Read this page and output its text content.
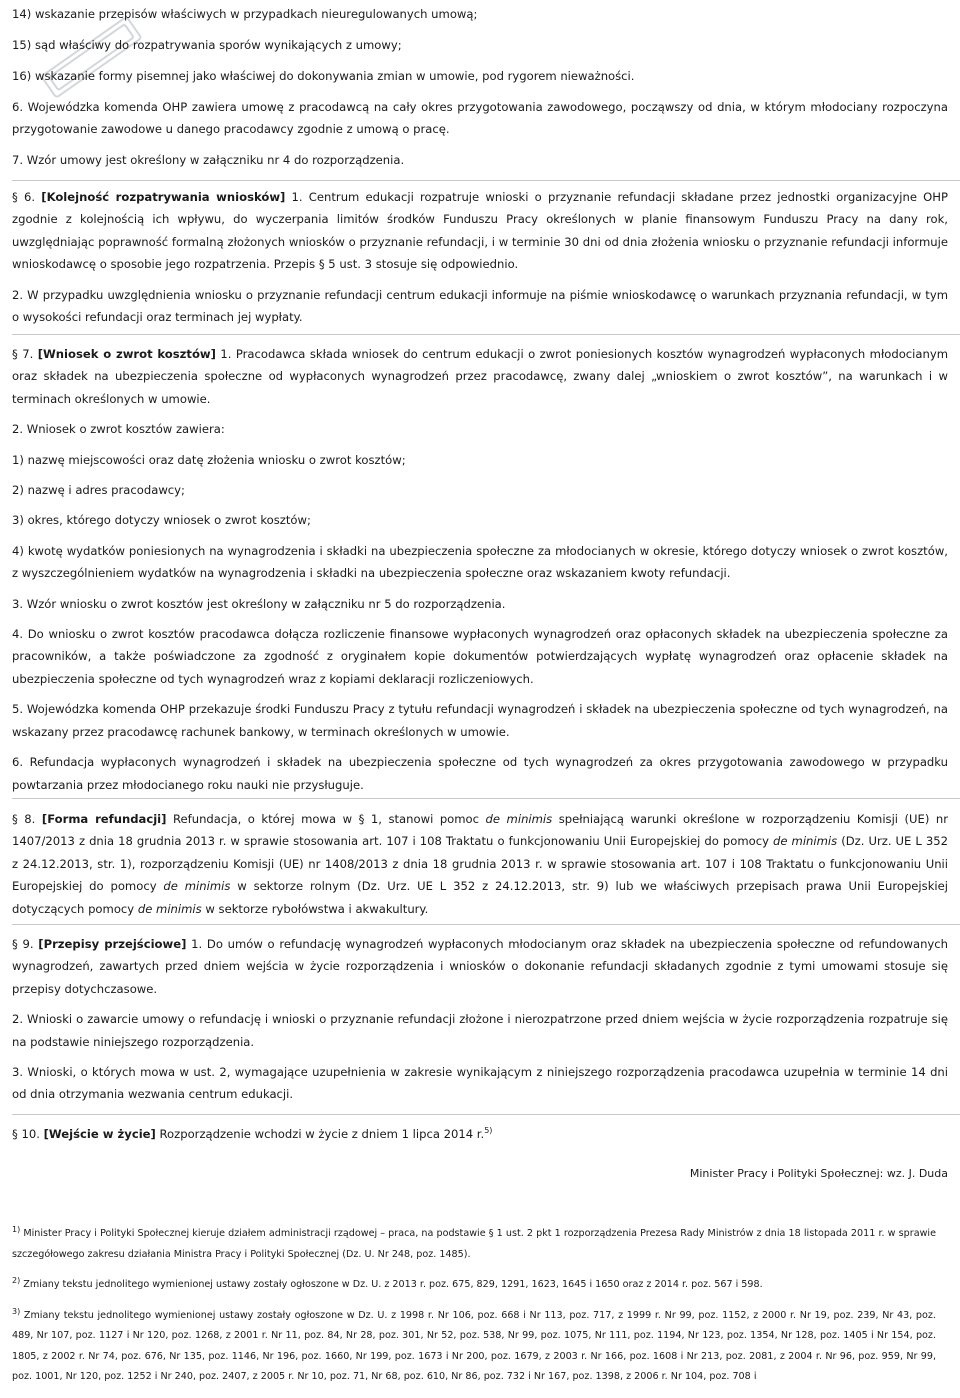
14) wskazanie przepisów właściwych w przypadkach nieuregulowanych umową;

15) sąd właściwy do rozpatrywania sporów wynikających z umowy;

16) wskazanie formy pisemnej jako właściwej do dokonywania zmian w umowie, pod rygorem nieważności.

6. Wojewódzka komenda OHP zawiera umowę z pracodawcą na cały okres przygotowania zawodowego, począwszy od dnia, w którym młodociany rozpoczyna przygotowanie zawodowe u danego pracodawcy zgodnie z umową o pracę.

7. Wzór umowy jest określony w załączniku nr 4 do rozporządzenia.

§ 6. [Kolejność rozpatrywania wniosków] 1. Centrum edukacji rozpatruje wnioski o przyznanie refundacji składane przez jednostki organizacyjne OHP zgodnie z kolejnością ich wpływu, do wyczerpania limitów środków Funduszu Pracy określonych w planie finansowym Funduszu Pracy na dany rok, uwzględniając poprawność formalną złożonych wniosków o przyznanie refundacji, i w terminie 30 dni od dnia złożenia wniosku o przyznanie refundacji informuje wnioskodawcę o sposobie jego rozpatrzenia. Przepis § 5 ust. 3 stosuje się odpowiednio.

2. W przypadku uwzględnienia wniosku o przyznanie refundacji centrum edukacji informuje na piśmie wnioskodawcę o warunkach przyznania refundacji, w tym o wysokości refundacji oraz terminach jej wypłaty.

§ 7. [Wniosek o zwrot kosztów] 1. Pracodawca składa wniosek do centrum edukacji o zwrot poniesionych kosztów wynagrodzeń wypłaconych młodocianym oraz składek na ubezpieczenia społeczne od wypłaconych wynagrodzeń przez pracodawcę, zwany dalej „wnioskiem o zwrot kosztów”, na warunkach i w terminach określonych w umowie.

2. Wniosek o zwrot kosztów zawiera:

1) nazwę miejscowości oraz datę złożenia wniosku o zwrot kosztów;

2) nazwę i adres pracodawcy;

3) okres, którego dotyczy wniosek o zwrot kosztów;

4) kwotę wydatków poniesionych na wynagrodzenia i składki na ubezpieczenia społeczne za młodocianych w okresie, którego dotyczy wniosek o zwrot kosztów, z wyszczególnieniem wydatków na wynagrodzenia i składki na ubezpieczenia społeczne oraz wskazaniem kwoty refundacji.

3. Wzór wniosku o zwrot kosztów jest określony w załączniku nr 5 do rozporządzenia.

4. Do wniosku o zwrot kosztów pracodawca dołącza rozliczenie finansowe wypłaconych wynagrodzeń oraz opłaconych składek na ubezpieczenia społeczne za pracowników, a także poświadczone za zgodność z oryginałem kopie dokumentów potwierdzających wypłatę wynagrodzeń oraz opłacenie składek na ubezpieczenia społeczne od tych wynagrodzeń wraz z kopiami deklaracji rozliczeniowych.

5. Wojewódzka komenda OHP przekazuje środki Funduszu Pracy z tytułu refundacji wynagrodzeń i składek na ubezpieczenia społeczne od tych wynagrodzeń, na wskazany przez pracodawcę rachunek bankowy, w terminach określonych w umowie.

6. Refundacja wypłaconych wynagrodzeń i składek na ubezpieczenia społeczne od tych wynagrodzeń za okres przygotowania zawodowego w przypadku powtarzania przez młodocianego roku nauki nie przysługuje.

§ 8. [Forma refundacji] Refundacja, o której mowa w § 1, stanowi pomoc de minimis spełniającą warunki określone w rozporządzeniu Komisji (UE) nr 1407/2013 z dnia 18 grudnia 2013 r. w sprawie stosowania art. 107 i 108 Traktatu o funkcjonowaniu Unii Europejskiej do pomocy de minimis (Dz. Urz. UE L 352 z 24.12.2013, str. 1), rozporządzeniu Komisji (UE) nr 1408/2013 z dnia 18 grudnia 2013 r. w sprawie stosowania art. 107 i 108 Traktatu o funkcjonowaniu Unii Europejskiej do pomocy de minimis w sektorze rolnym (Dz. Urz. UE L 352 z 24.12.2013, str. 9) lub we właściwych przepisach prawa Unii Europejskiej dotyczących pomocy de minimis w sektorze rybołówstwa i akwakultury.

§ 9. [Przepisy przejściowe] 1. Do umów o refundację wynagrodzeń wypłaconych młodocianym oraz składek na ubezpieczenia społeczne od refundowanych wynagrodzeń, zawartych przed dniem wejścia w życie rozporządzenia i wniosków o dokonanie refundacji składanych zgodnie z tymi umowami stosuje się przepisy dotychczasowe.

2. Wnioski o zawarcie umowy o refundację i wnioski o przyznanie refundacji złożone i nierozpatrzone przed dniem wejścia w życie rozporządzenia rozpatruje się na podstawie niniejszego rozporządzenia.

3. Wnioski, o których mowa w ust. 2, wymagające uzupełnienia w zakresie wynikającym z niniejszego rozporządzenia pracodawca uzupełnia w terminie 14 dni od dnia otrzymania wezwania centrum edukacji.

§ 10. [Wejście w życie] Rozporządzenie wchodzi w życie z dniem 1 lipca 2014 r.$^{5)}$

Minister Pracy i Polityki Społecznej: wz. J. Duda

$^{1)}$ Minister Pracy i Polityki Społecznej kieruje działem administracji rządowej – praca, na podstawie § 1 ust. 2 pkt 1 rozporządzenia Prezesa Rady Ministrów z dnia 18 listopada 2011 r. w sprawie szczegółowego zakresu działania Ministra Pracy i Polityki Społecznej (Dz. U. Nr 248, poz. 1485).

$^{2)}$ Zmiany tekstu jednolitego wymienionej ustawy zostały ogłoszone w Dz. U. z 2013 r. poz. 675, 829, 1291, 1623, 1645 i 1650 oraz z 2014 r. poz. 567 i 598.

$^{3)}$ Zmiany tekstu jednolitego wymienionej ustawy zostały ogłoszone w Dz. U. z 1998 r. Nr 106, poz. 668 i Nr 113, poz. 717, z 1999 r. Nr 99, poz. 1152, z 2000 r. Nr 19, poz. 239, Nr 43, poz. 489, Nr 107, poz. 1127 i Nr 120, poz. 1268, z 2001 r. Nr 11, poz. 84, Nr 28, poz. 301, Nr 52, poz. 538, Nr 99, poz. 1075, Nr 111, poz. 1194, Nr 123, poz. 1354, Nr 128, poz. 1405 i Nr 154, poz. 1805, z 2002 r. Nr 74, poz. 676, Nr 135, poz. 1146, Nr 196, poz. 1660, Nr 199, poz. 1673 i Nr 200, poz. 1679, z 2003 r. Nr 166, poz. 1608 i Nr 213, poz. 2081, z 2004 r. Nr 96, poz. 959, Nr 99, poz. 1001, Nr 120, poz. 1252 i Nr 240, poz. 2407, z 2005 r. Nr 10, poz. 71, Nr 68, poz. 610, Nr 86, poz. 732 i Nr 167, poz. 1398, z 2006 r. Nr 104, poz. 708 i
